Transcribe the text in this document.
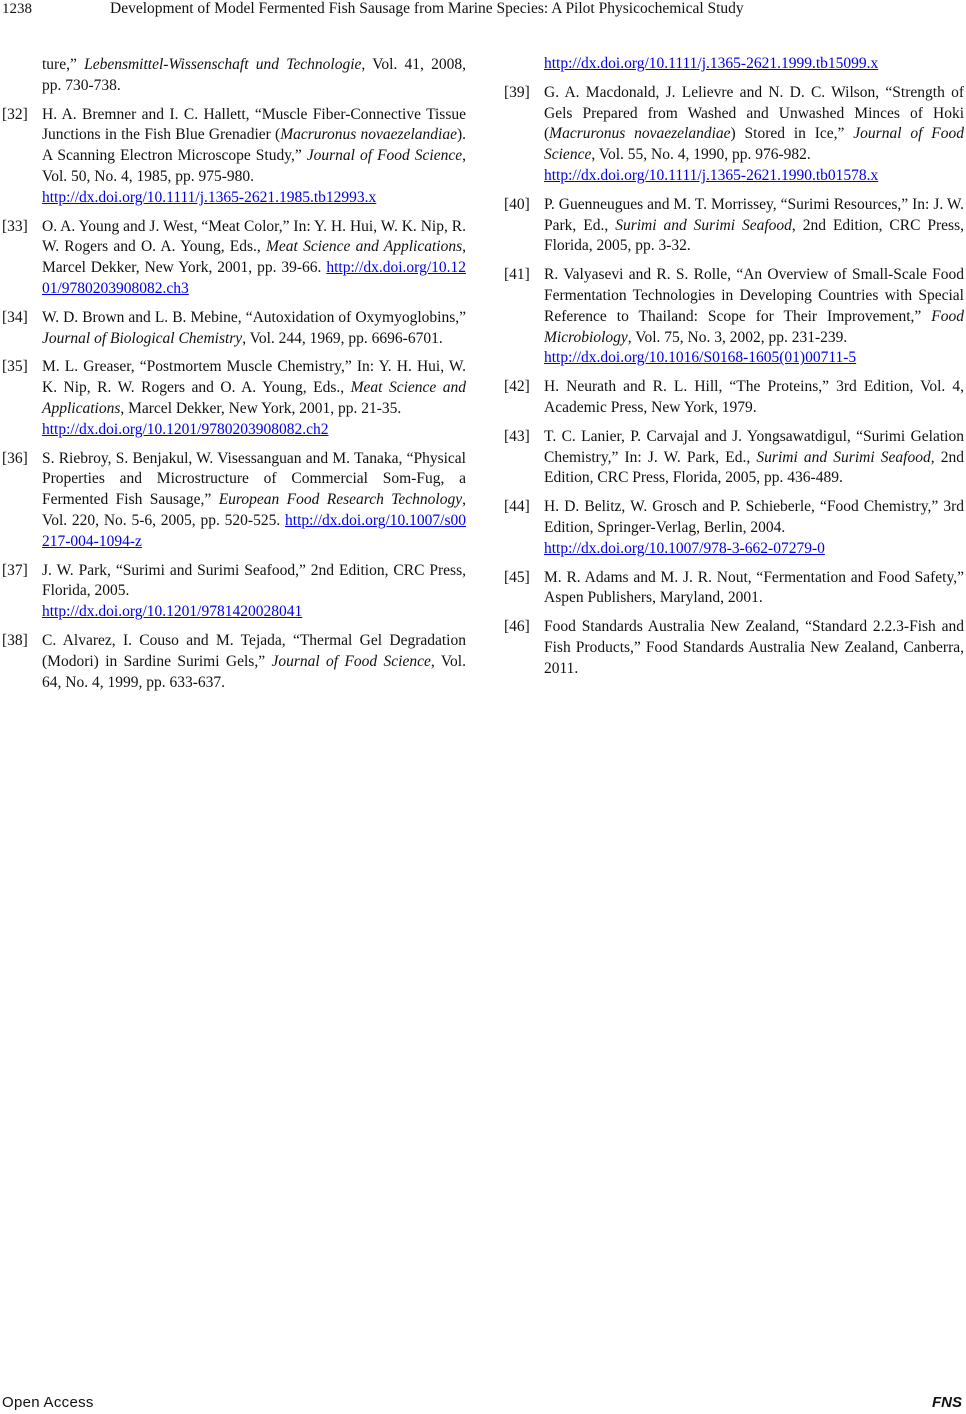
1238	Development of Model Fermented Fish Sausage from Marine Species: A Pilot Physicochemical Study
ture,” Lebensmittel-Wissenschaft und Technologie, Vol. 41, 2008, pp. 730-738.
[32] H. A. Bremner and I. C. Hallett, “Muscle Fiber-Connective Tissue Junctions in the Fish Blue Grenadier (Macruronus novaezelandiae). A Scanning Electron Microscope Study,” Journal of Food Science, Vol. 50, No. 4, 1985, pp. 975-980.
http://dx.doi.org/10.1111/j.1365-2621.1985.tb12993.x
[33] O. A. Young and J. West, “Meat Color,” In: Y. H. Hui, W. K. Nip, R. W. Rogers and O. A. Young, Eds., Meat Science and Applications, Marcel Dekker, New York, 2001, pp. 39-66. http://dx.doi.org/10.1201/9780203908082.ch3
[34] W. D. Brown and L. B. Mebine, “Autoxidation of Oxymyoglobins,” Journal of Biological Chemistry, Vol. 244, 1969, pp. 6696-6701.
[35] M. L. Greaser, “Postmortem Muscle Chemistry,” In: Y. H. Hui, W. K. Nip, R. W. Rogers and O. A. Young, Eds., Meat Science and Applications, Marcel Dekker, New York, 2001, pp. 21-35.
http://dx.doi.org/10.1201/9780203908082.ch2
[36] S. Riebroy, S. Benjakul, W. Visessanguan and M. Tanaka, “Physical Properties and Microstructure of Commercial Som-Fug, a Fermented Fish Sausage,” European Food Research Technology, Vol. 220, No. 5-6, 2005, pp. 520-525. http://dx.doi.org/10.1007/s00217-004-1094-z
[37] J. W. Park, “Surimi and Surimi Seafood,” 2nd Edition, CRC Press, Florida, 2005.
http://dx.doi.org/10.1201/9781420028041
[38] C. Alvarez, I. Couso and M. Tejada, “Thermal Gel Degradation (Modori) in Sardine Surimi Gels,” Journal of Food Science, Vol. 64, No. 4, 1999, pp. 633-637.
http://dx.doi.org/10.1111/j.1365-2621.1999.tb15099.x
[39] G. A. Macdonald, J. Lelievre and N. D. C. Wilson, “Strength of Gels Prepared from Washed and Unwashed Minces of Hoki (Macruronus novaezelandiae) Stored in Ice,” Journal of Food Science, Vol. 55, No. 4, 1990, pp. 976-982.
http://dx.doi.org/10.1111/j.1365-2621.1990.tb01578.x
[40] P. Guenneugues and M. T. Morrissey, “Surimi Resources,” In: J. W. Park, Ed., Surimi and Surimi Seafood, 2nd Edition, CRC Press, Florida, 2005, pp. 3-32.
[41] R. Valyasevi and R. S. Rolle, “An Overview of Small-Scale Food Fermentation Technologies in Developing Countries with Special Reference to Thailand: Scope for Their Improvement,” Food Microbiology, Vol. 75, No. 3, 2002, pp. 231-239.
http://dx.doi.org/10.1016/S0168-1605(01)00711-5
[42] H. Neurath and R. L. Hill, “The Proteins,” 3rd Edition, Vol. 4, Academic Press, New York, 1979.
[43] T. C. Lanier, P. Carvajal and J. Yongsawatdigul, “Surimi Gelation Chemistry,” In: J. W. Park, Ed., Surimi and Surimi Seafood, 2nd Edition, CRC Press, Florida, 2005, pp. 436-489.
[44] H. D. Belitz, W. Grosch and P. Schieberle, “Food Chemistry,” 3rd Edition, Springer-Verlag, Berlin, 2004.
http://dx.doi.org/10.1007/978-3-662-07279-0
[45] M. R. Adams and M. J. R. Nout, “Fermentation and Food Safety,” Aspen Publishers, Maryland, 2001.
[46] Food Standards Australia New Zealand, “Standard 2.2.3-Fish and Fish Products,” Food Standards Australia New Zealand, Canberra, 2011.
Open Access	FNS
